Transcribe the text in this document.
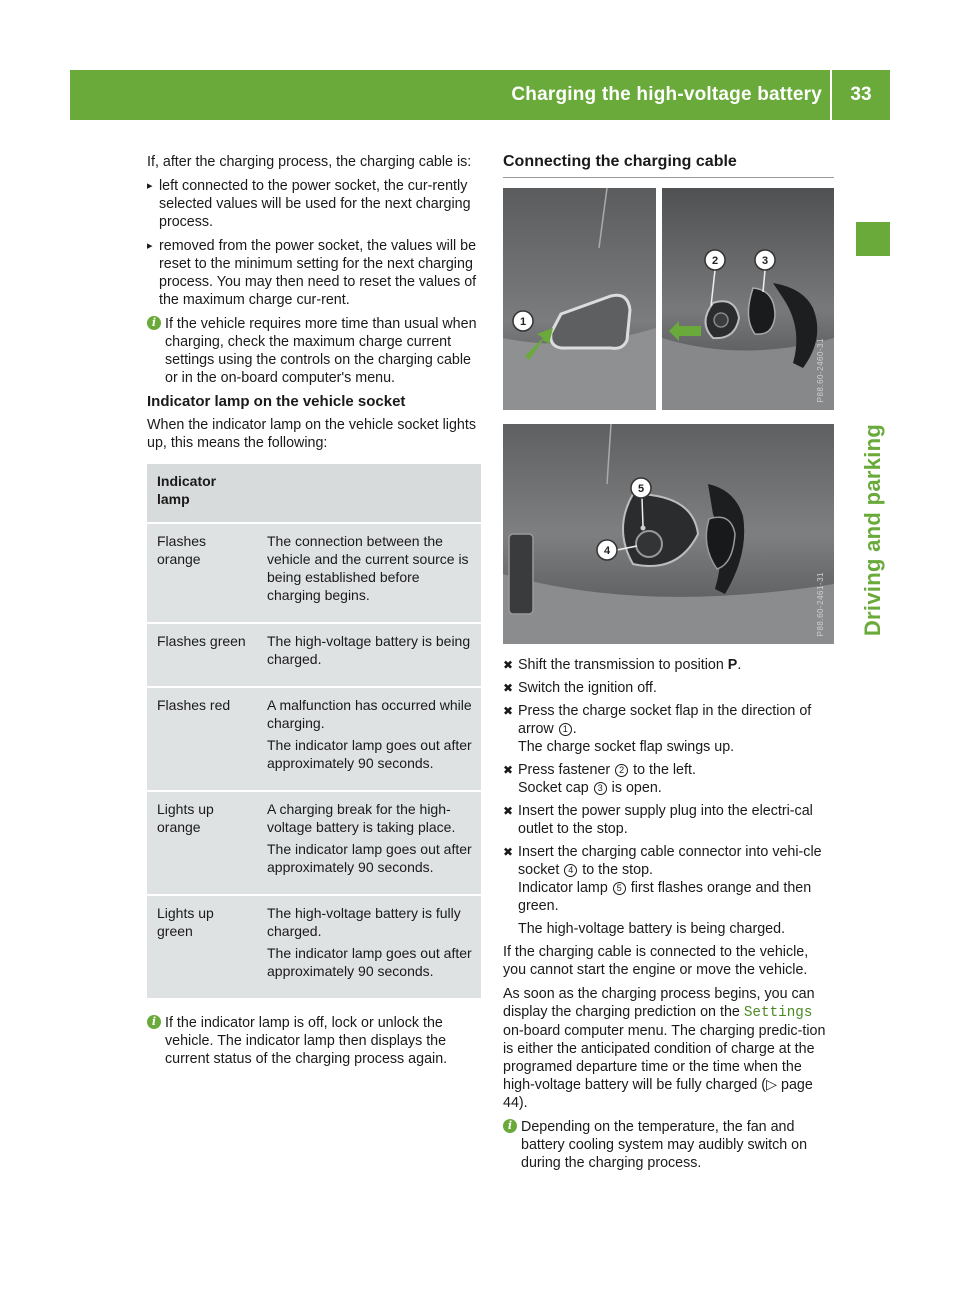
Charging the high-voltage battery	33
Driving and parking

If, after the charging process, the charging cable is:

▸ left connected to the power socket, the cur-rently selected values will be used for the next charging process.
▸ removed from the power socket, the values will be reset to the minimum setting for the next charging process. You may then need to reset the values of the maximum charge cur-rent.
i If the vehicle requires more time than usual when charging, check the maximum charge current settings using the controls on the charging cable or in the on-board computer's menu.
Indicator lamp on the vehicle socket

When the indicator lamp on the vehicle socket lights up, this means the following:

Indicator lamp	
Flashes orange	The connection between the vehicle and the current source is being established before charging begins.

Flashes green	The high-voltage battery is being charged.

Flashes red	A malfunction has occurred while charging.

The indicator lamp goes out after approximately 90 seconds.

Lights up orange	A charging break for the high-voltage battery is taking place.

The indicator lamp goes out after approximately 90 seconds.

Lights up green	The high-voltage battery is fully charged.

The indicator lamp goes out after approximately 90 seconds.

i If the indicator lamp is off, lock or unlock the vehicle. The indicator lamp then displays the current status of the charging process again.
Connecting the charging cable
1
2	3
P88.60-2460-31
5
4
P88.60-2461-31
✖ Shift the transmission to position P.
✖ Switch the ignition off.
✖ Press the charge socket flap in the direction of arrow 1 .
The charge socket flap swings up.
✖ Press fastener 2 to the left.
Socket cap 3 is open.
✖ Insert the power supply plug into the electri-cal outlet to the stop.
✖ Insert the charging cable connector into vehi-cle socket 4 to the stop.
Indicator lamp 5 first flashes orange and then green.
The high-voltage battery is being charged.

If the charging cable is connected to the vehicle, you cannot start the engine or move the vehicle.

As soon as the charging process begins, you can display the charging prediction on the Settings on-board computer menu. The charging predic-tion is either the anticipated condition of charge at the programed departure time or the time when the high-voltage battery will be fully charged (▷ page 44).

i Depending on the temperature, the fan and battery cooling system may audibly switch on during the charging process.
